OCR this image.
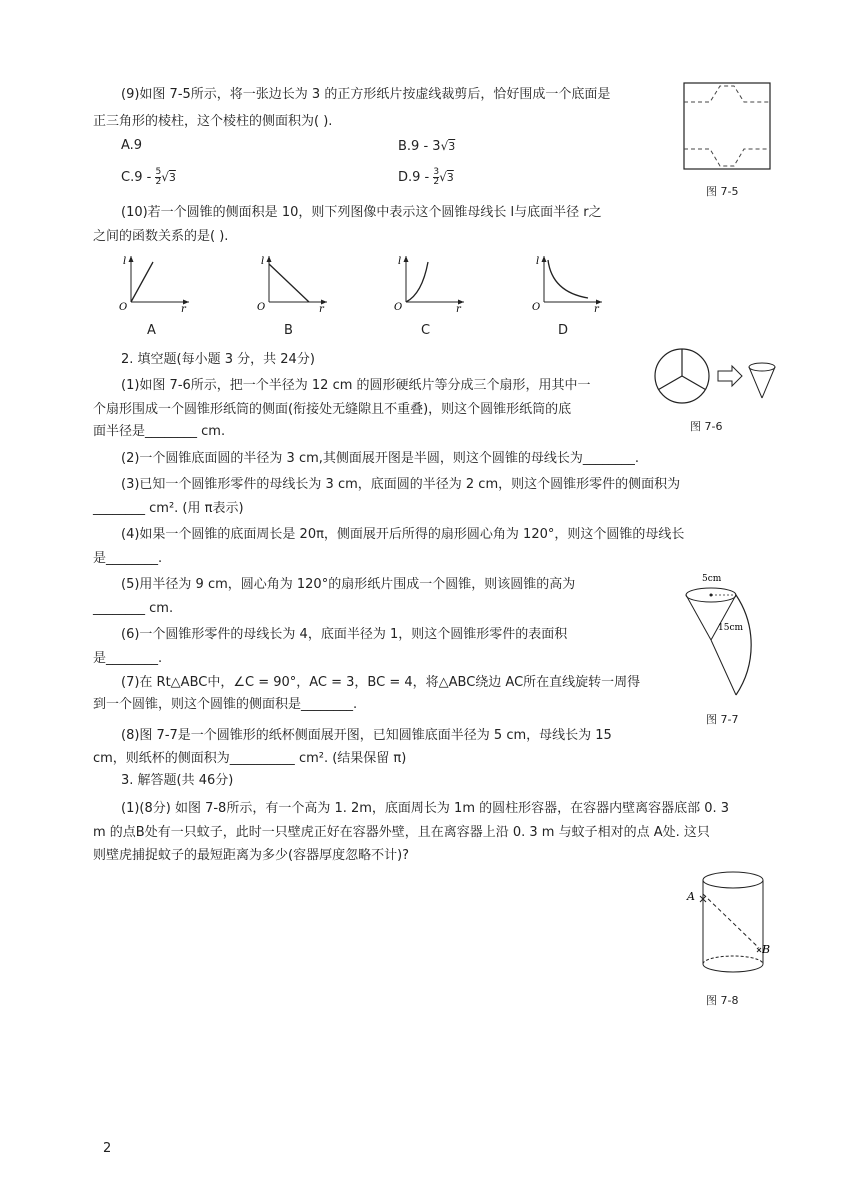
(9)如图 7-5所示，将一张边长为 3 的正方形纸片按虚线裁剪后，恰好围成一个底面是
正三角形的棱柱，这个棱柱的侧面积为( ).
A.9	B.9 - 3√3
$C.9 - \frac{5}{2} √3$	$D.9 - \frac{3}{2} √3$
图 7-5
(10)若一个圆锥的侧面积是 10，则下列图像中表示这个圆锥母线长 l与底面半径 r之
之间的函数关系的是( ).
l
O	r
A
l
O	r
B
l
O	r
C
l
O	r
D
2. 填空题(每小题 3 分，共 24分)
(1)如图 7-6所示，把一个半径为 12 cm 的圆形硬纸片等分成三个扇形，用其中一
个扇形围成一个圆锥形纸筒的侧面(衔接处无缝隙且不重叠)，则这个圆锥形纸筒的底
面半径是________ cm.	图 7-6
(2)一个圆锥底面圆的半径为 3 cm,其侧面展开图是半圆，则这个圆锥的母线长为________.
(3)已知一个圆锥形零件的母线长为 3 cm，底面圆的半径为 2 cm，则这个圆锥形零件的侧面积为
________ cm². (用 π表示)
(4)如果一个圆锥的底面周长是 20π，侧面展开后所得的扇形圆心角为 120°，则这个圆锥的母线长
是________.
(5)用半径为 9 cm，圆心角为 120°的扇形纸片围成一个圆锥，则该圆锥的高为
________ cm.
(6)一个圆锥形零件的母线长为 4，底面半径为 1，则这个圆锥形零件的表面积
是________.
(7)在 Rt△ABC中，∠C = 90°，AC = 3，BC = 4，将△ABC绕边 AC所在直线旋转一周得
到一个圆锥，则这个圆锥的侧面积是________.
(8)图 7-7是一个圆锥形的纸杯侧面展开图，已知圆锥底面半径为 5 cm，母线长为 15
cm，则纸杯的侧面积为__________ cm². (结果保留 π)
5cm
15cm
图 7-7
3. 解答题(共 46分)
(1)(8分) 如图 7-8所示，有一个高为 1. 2m，底面周长为 1m 的圆柱形容器，在容器内壁离容器底部 0. 3
m 的点B处有一只蚊子，此时一只壁虎正好在容器外壁，且在离容器上沿 0. 3 m 与蚊子相对的点 A处. 这只
则壁虎捕捉蚊子的最短距离为多少(容器厚度忽略不计)?
A
B
图 7-8
2
